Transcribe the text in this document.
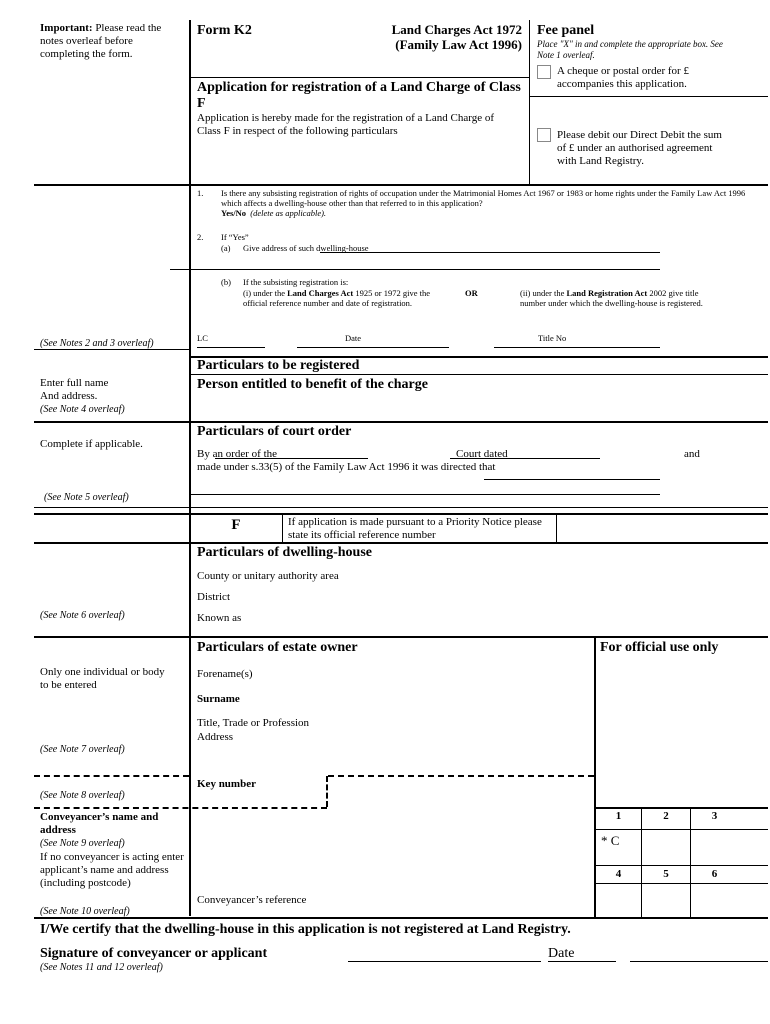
Important: Please read the notes overleaf before completing the form.
(See Notes 2 and 3 overleaf)
Enter full name
And address.
(See Note 4 overleaf)
Complete if applicable.
(See Note 5 overleaf)
(See Note 6 overleaf)
Only one individual or body to be entered
(See Note 7 overleaf)
(See Note 8 overleaf)
Conveyancer’s name and address
(See Note 9 overleaf)
If no conveyancer is acting enter applicant’s name and address (including postcode)
(See Note 10 overleaf)
Form K2	Land Charges Act 1972
(Family Law Act 1996)
Application for registration of a Land Charge of Class F
Application is hereby made for the registration of a Land Charge of Class F in respect of the following particulars
Fee panel
Place "X" in and complete the appropriate box. See Note 1 overleaf.
A cheque or postal order for £ accompanies this application.
Please debit our Direct Debit the sum of £ under an authorised agreement with Land Registry.
1. Is there any subsisting registration of rights of occupation under the Matrimonial Homes Act 1967 or 1983 or home rights under the Family Law Act 1996 which affects a dwelling-house other than that referred to in this application?
Yes/No (delete as applicable).
2. If “Yes”
(a) Give address of such dwelling-house
(b) If the subsisting registration is:
(i) under the Land Charges Act 1925 or 1972 give the official reference number and date of registration.
OR	(ii) under the Land Registration Act 2002 give title number under which the dwelling-house is registered.
LC	Date	Title No
Particulars to be registered
Person entitled to benefit of the charge
Particulars of court order
By an order of the	Court dated	and
made under s.33(5) of the Family Law Act 1996 it was directed that
F	If application is made pursuant to a Priority Notice please state its official reference number
Particulars of dwelling-house
County or unitary authority area
District
Known as
Particulars of estate owner
Forename(s)
Surname
Title, Trade or Profession
Address
Key number
Conveyancer’s reference
For official use only
1	2	3
* C
4	5	6
I/We certify that the dwelling-house in this application is not registered at Land Registry.
Signature of conveyancer or applicant	Date
(See Notes 11 and 12 overleaf)
